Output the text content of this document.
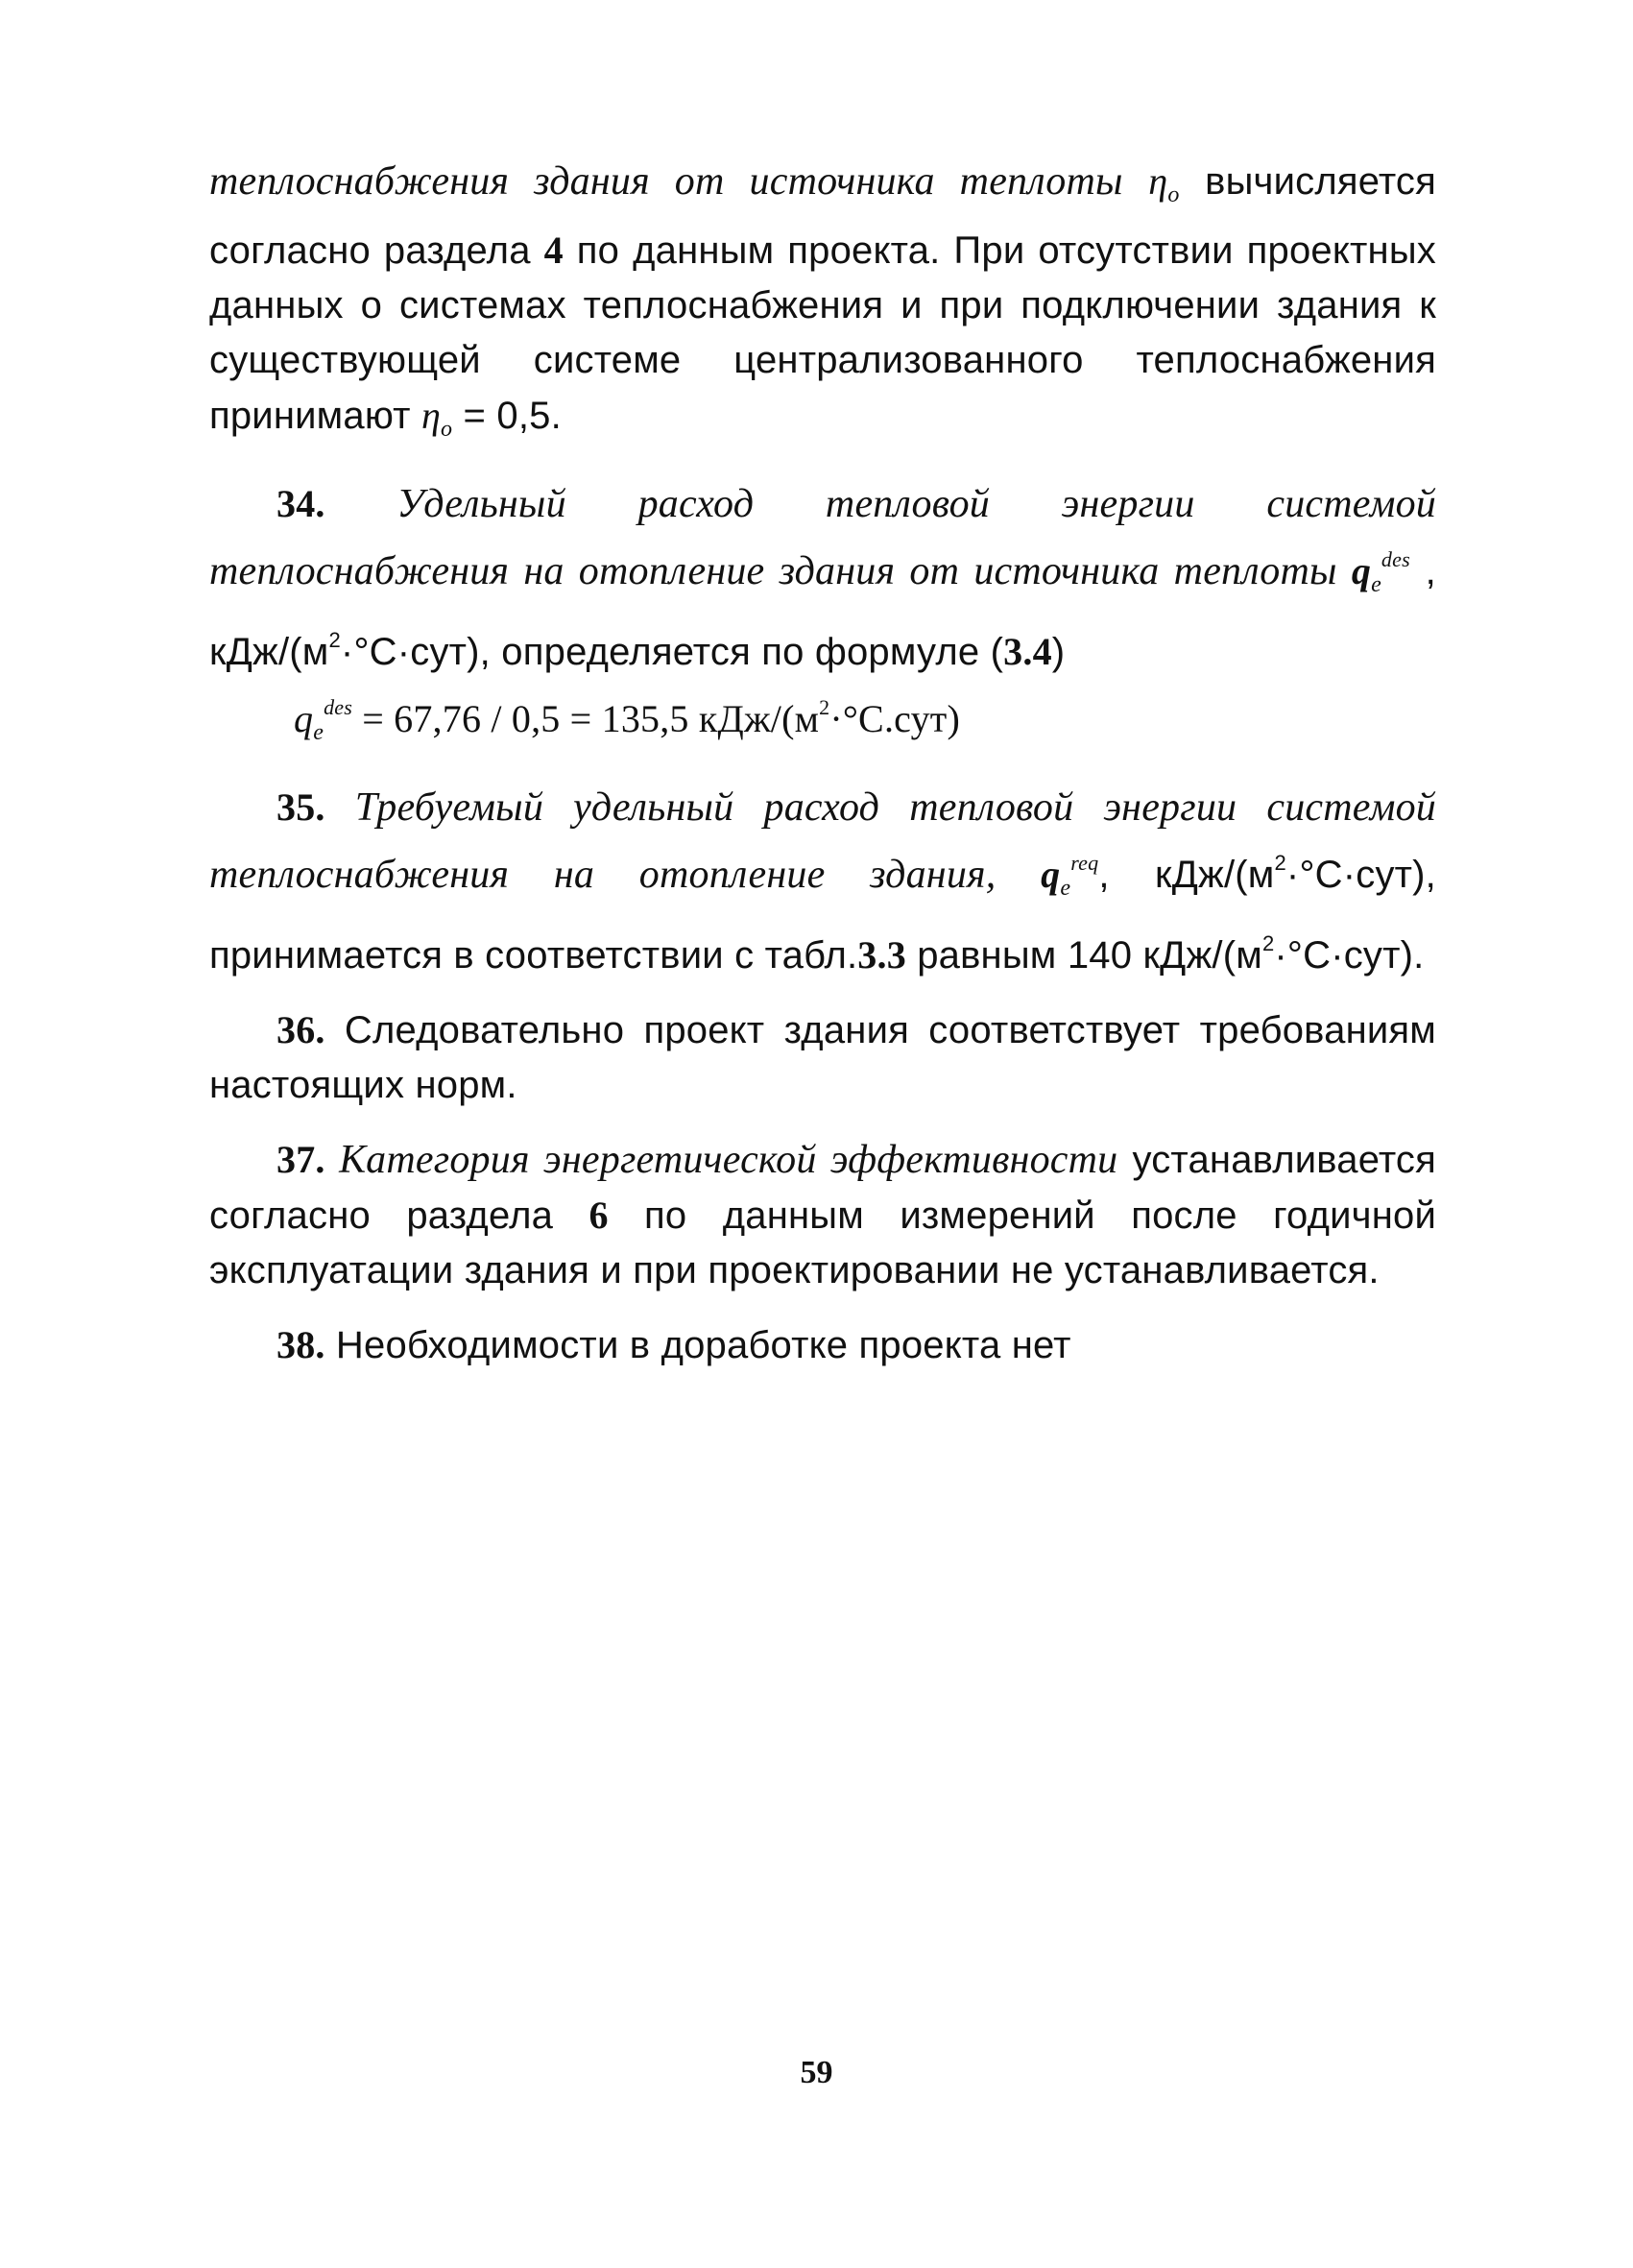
теплоснабжения здания от источника теплоты $\eta_o$ вычисляется согласно раздела 4 по данным проекта. При отсутствии проектных данных о системах теплоснабжения и при подключении здания к существующей системе централизованного теплоснабжения принимают $\eta_o = 0,5$.

34. Удельный расход тепловой энергии системой теплоснабжения на отопление здания от источника теплоты $q_e^{des}$ , кДж/$(м^2\cdot^\circ С\cdot сут)$, определяется по формуле (3.4)

$q_e^{des} = 67,76 / 0,5 = 135,5$ кДж/$(м^2\cdot^\circ С.сут)$

35. Требуемый удельный расход тепловой энергии системой теплоснабжения на отопление здания, $q_e^{req}$, кДж/$(м^2\cdot^\circ С\cdot сут)$, принимается в соответствии с табл.3.3 равным 140 кДж/$(м^2\cdot^\circ С\cdot сут)$.

36. Следовательно проект здания соответствует требованиям настоящих норм.

37. Категория энергетической эффективности устанавливается согласно раздела 6 по данным измерений после годичной эксплуатации здания и при проектировании не устанавливается.

38. Необходимости в доработке проекта нет

59
